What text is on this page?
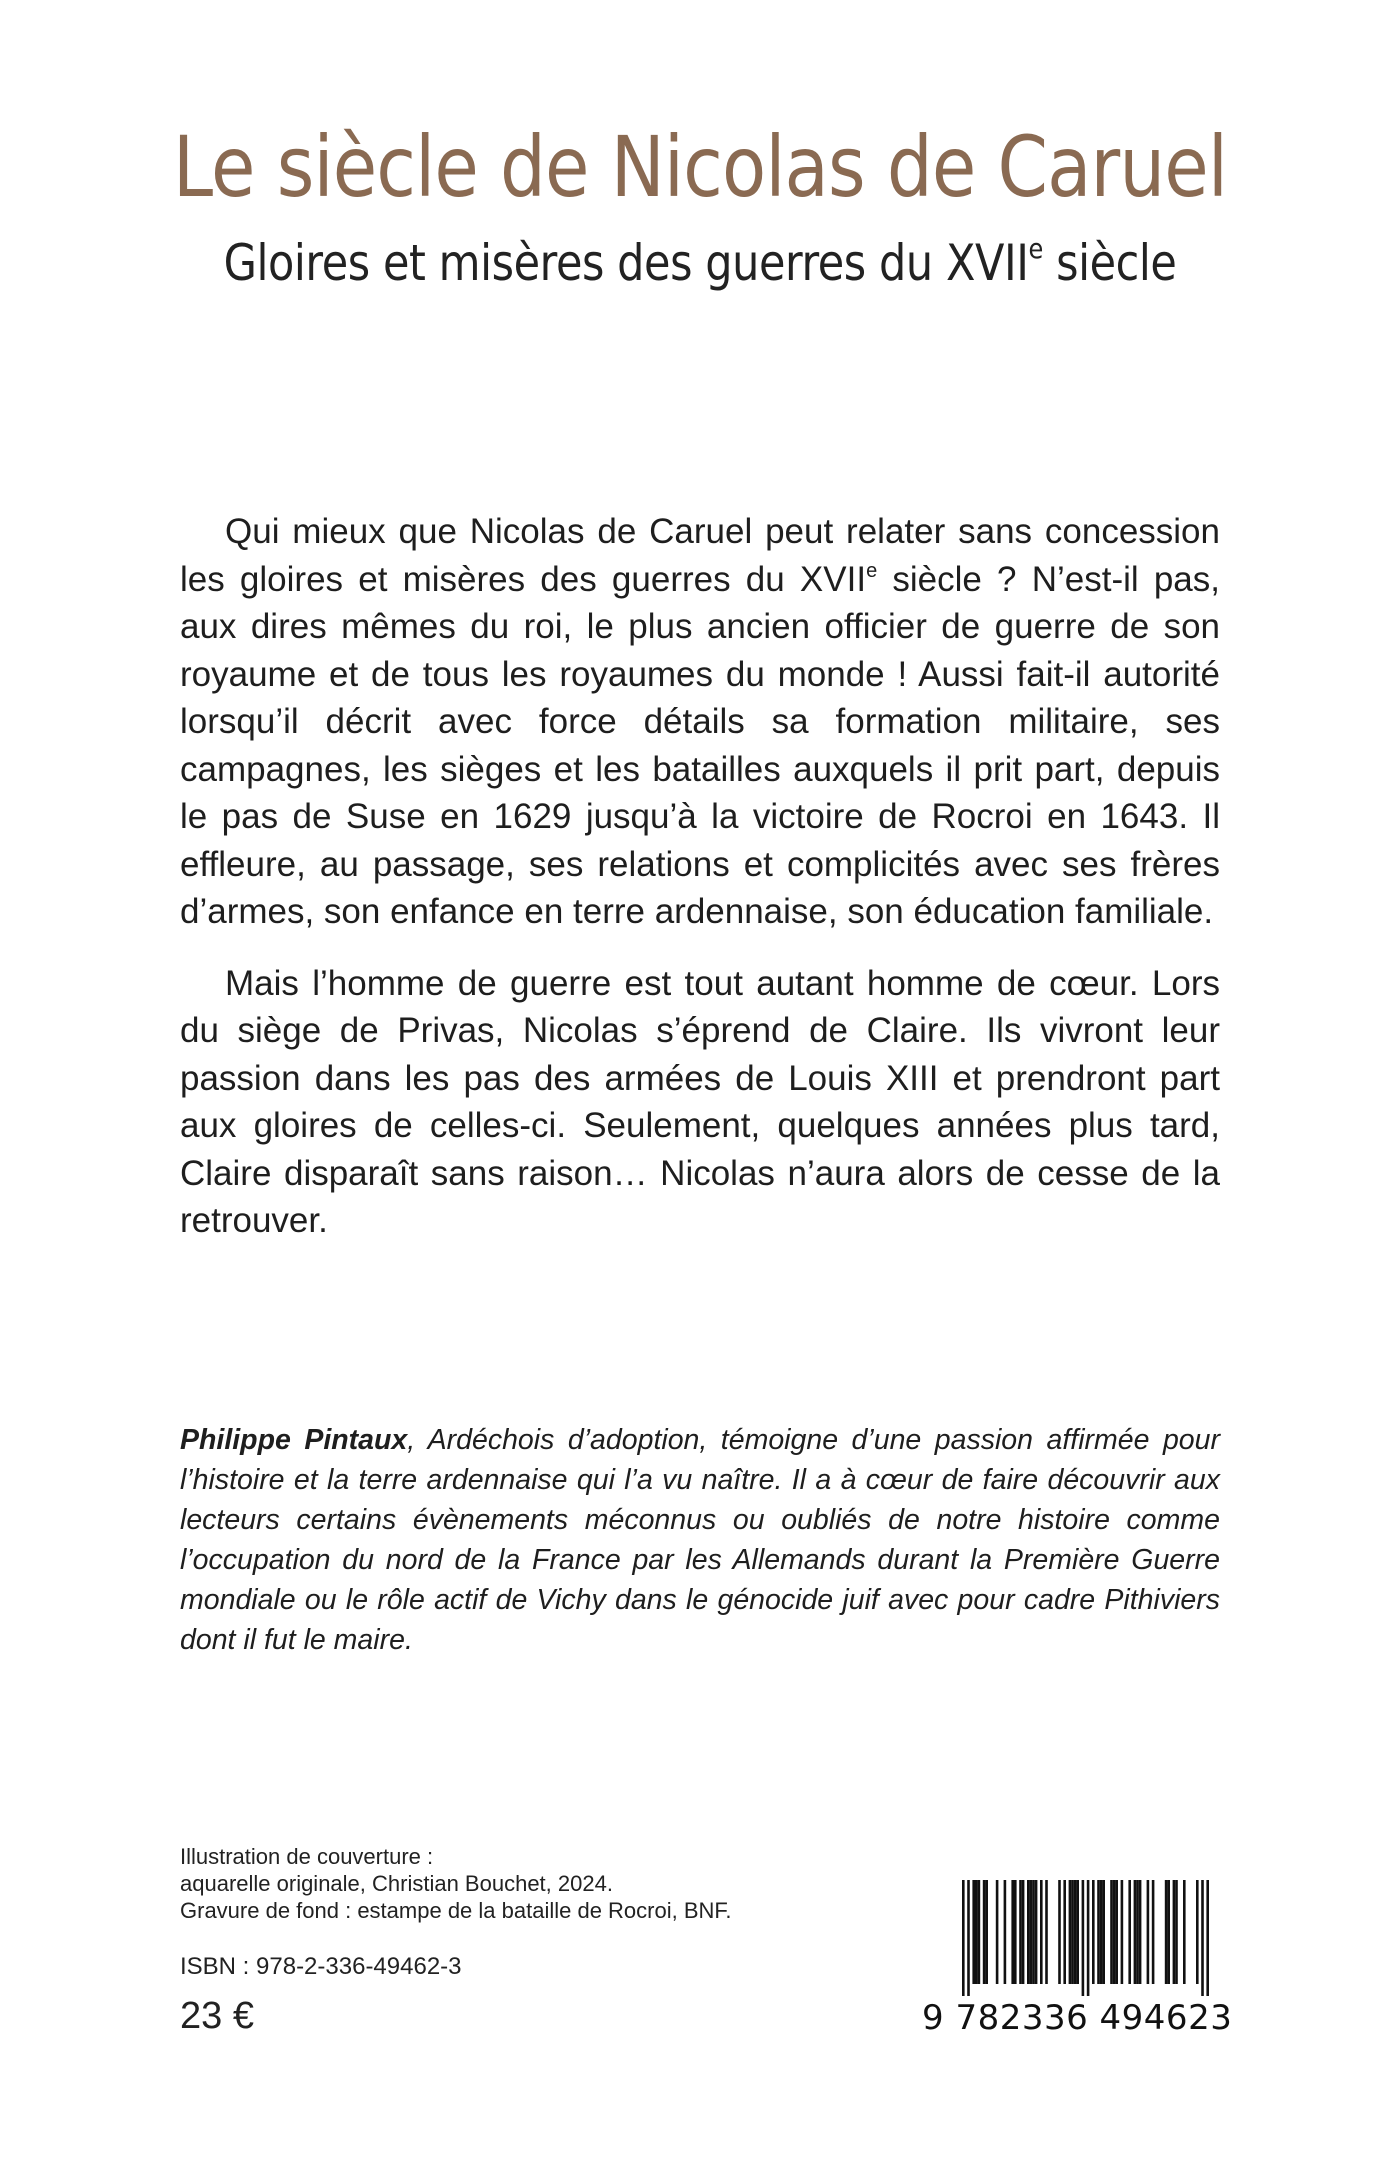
Le siècle de Nicolas de Caruel
Gloires et misères des guerres du XVIIe siècle

Qui mieux que Nicolas de Caruel peut relater sans concession les gloires et misères des guerres du XVIIe siècle ? N’est-il pas, aux dires mêmes du roi, le plus ancien officier de guerre de son royaume et de tous les royaumes du monde ! Aussi fait-il autorité lorsqu’il décrit avec force détails sa formation militaire, ses campagnes, les sièges et les batailles auxquels il prit part, depuis le pas de Suse en 1629 jusqu’à la victoire de Rocroi en 1643. Il effleure, au passage, ses relations et complicités avec ses frères d’armes, son enfance en terre ardennaise, son éducation familiale.

Mais l’homme de guerre est tout autant homme de cœur. Lors du siège de Privas, Nicolas s’éprend de Claire. Ils vivront leur passion dans les pas des armées de Louis XIII et prendront part aux gloires de celles-ci. Seulement, quelques années plus tard, Claire disparaît sans raison… Nicolas n’aura alors de cesse de la retrouver.

Philippe Pintaux, Ardéchois d’adoption, témoigne d’une passion affirmée pour l’histoire et la terre ardennaise qui l’a vu naître. Il a à cœur de faire découvrir aux lecteurs certains évènements méconnus ou oubliés de notre histoire comme l’occupation du nord de la France par les Allemands durant la Première Guerre mondiale ou le rôle actif de Vichy dans le génocide juif avec pour cadre Pithiviers dont il fut le maire.
Illustration de couverture :
aquarelle originale, Christian Bouchet, 2024.
Gravure de fond : estampe de la bataille de Rocroi, BNF.
ISBN : 978-2-336-49462-3
23 €	9 782336 494623
